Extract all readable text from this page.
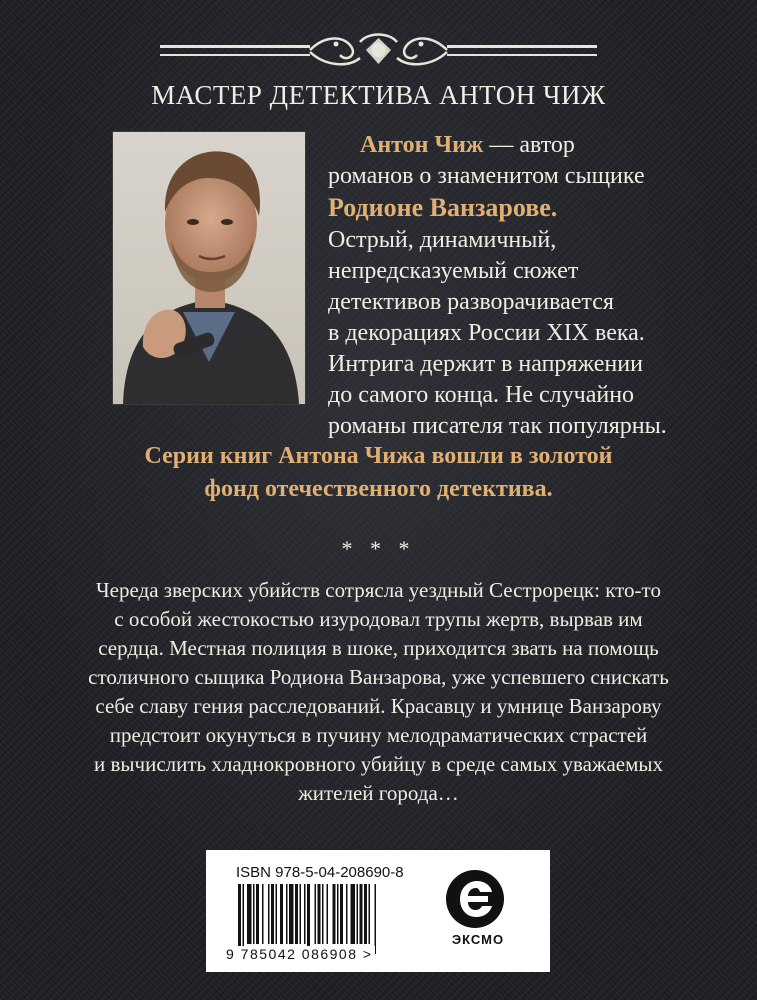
МАСТЕР ДЕТЕКТИВА АНТОН ЧИЖ
Антон Чиж — автор
романов о знаменитом сыщике
Родионе Ванзарове.
Острый, динамичный,
непредсказуемый сюжет
детективов разворачивается
в декорациях России XIX века.
Интрига держит в напряжении
до самого конца. Не случайно
романы писателя так популярны.
Серии книг Антона Чижа вошли в золотой
фонд отечественного детектива.
* * *
Череда зверских убийств сотрясла уездный Сестрорецк: кто-то
с особой жестокостью изуродовал трупы жертв, вырвав им
сердца. Местная полиция в шоке, приходится звать на помощь
столичного сыщика Родиона Ванзарова, уже успевшего снискать
себе славу гения расследований. Красавцу и умнице Ванзарову
предстоит окунуться в пучину мелодраматических страстей
и вычислить хладнокровного убийцу в среде самых уважаемых
жителей города…
ISBN 978-5-04-208690-8
9 785042 086908 >
ЭКСМО
